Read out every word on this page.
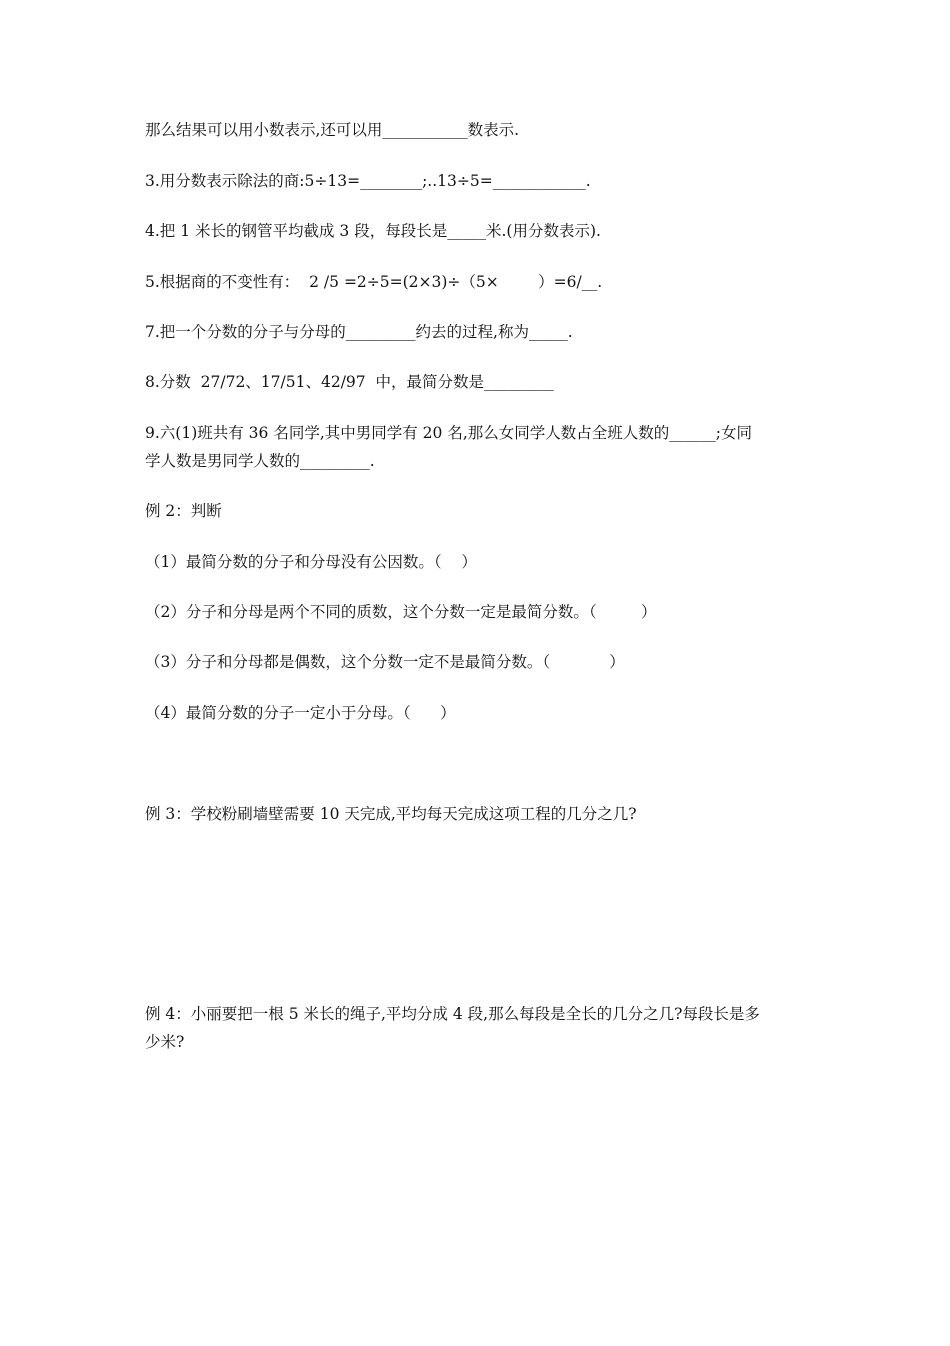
那么结果可以用小数表示,还可以用___________数表示.

3.用分数表示除法的商:5÷13=________;..13÷5=____________.

4.把 1 米长的钢管平均截成 3 段，每段长是_____米.(用分数表示).

5.根据商的不变性有：  2 /5 =2÷5=(2×3)÷（5×        ）=6/__.

7.把一个分数的分子与分母的_________约去的过程,称为_____.

8.分数  27/72、17/51、42/97  中，最简分数是_________

9.六(1)班共有 36 名同学,其中男同学有 20 名,那么女同学人数占全班人数的______;女同

学人数是男同学人数的_________.

例 2：判断

（1）最简分数的分子和分母没有公因数。（    ）

（2）分子和分母是两个不同的质数，这个分数一定是最简分数。（         ）

（3）分子和分母都是偶数，这个分数一定不是最简分数。（            ）

（4）最简分数的分子一定小于分母。（      ）

例 3：学校粉刷墙壁需要 10 天完成,平均每天完成这项工程的几分之几?

例 4：小丽要把一根 5 米长的绳子,平均分成 4 段,那么每段是全长的几分之几?每段长是多

少米?
